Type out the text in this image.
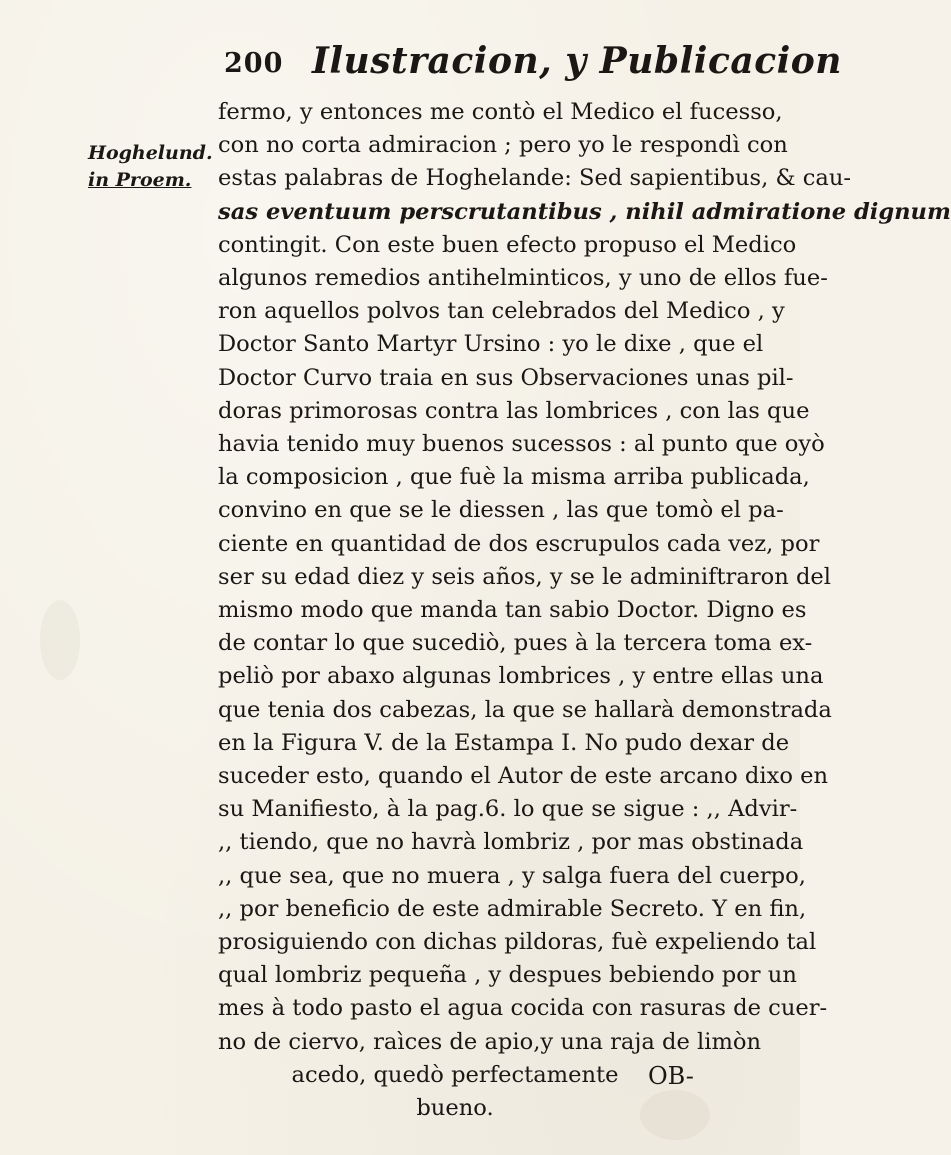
200 Ilustracion, y Publicacion
Hoghelund.
in Proem.
fermo, y entonces me contò el Medico el fucesso,
con no corta admiracion ; pero yo le respondì con
estas palabras de Hoghelande: Sed sapientibus, & cau-
sas eventuum perscrutantibus , nihil admiratione dignum
contingit. Con este buen efecto propuso el Medico
algunos remedios antihelminticos, y uno de ellos fue-
ron aquellos polvos tan celebrados del Medico , y
Doctor Santo Martyr Ursino : yo le dixe , que el
Doctor Curvo traia en sus Observaciones unas pil-
doras primorosas contra las lombrices , con las que
havia tenido muy buenos sucessos : al punto que oyò
la composicion , que fuè la misma arriba publicada,
convino en que se le diessen , las que tomò el pa-
ciente en quantidad de dos escrupulos cada vez, por
ser su edad diez y seis años, y se le adminiftraron del
mismo modo que manda tan sabio Doctor. Digno es
de contar lo que sucediò, pues à la tercera toma ex-
peliò por abaxo algunas lombrices , y entre ellas una
que tenia dos cabezas, la que se hallarà demonstrada
en la Figura V. de la Estampa I. No pudo dexar de
suceder esto, quando el Autor de este arcano dixo en
su Manifiesto, à la pag.6. lo que se sigue : ,, Advir-
,, tiendo, que no havrà lombriz , por mas obstinada
,, que sea, que no muera , y salga fuera del cuerpo,
,, por beneficio de este admirable Secreto. Y en fin,
prosiguiendo con dichas pildoras, fuè expeliendo tal
qual lombriz pequeña , y despues bebiendo por un
mes à todo pasto el agua cocida con rasuras de cuer-
no de ciervo, raìces de apio,y una raja de limòn
acedo, quedò perfectamente
bueno.
OB-
